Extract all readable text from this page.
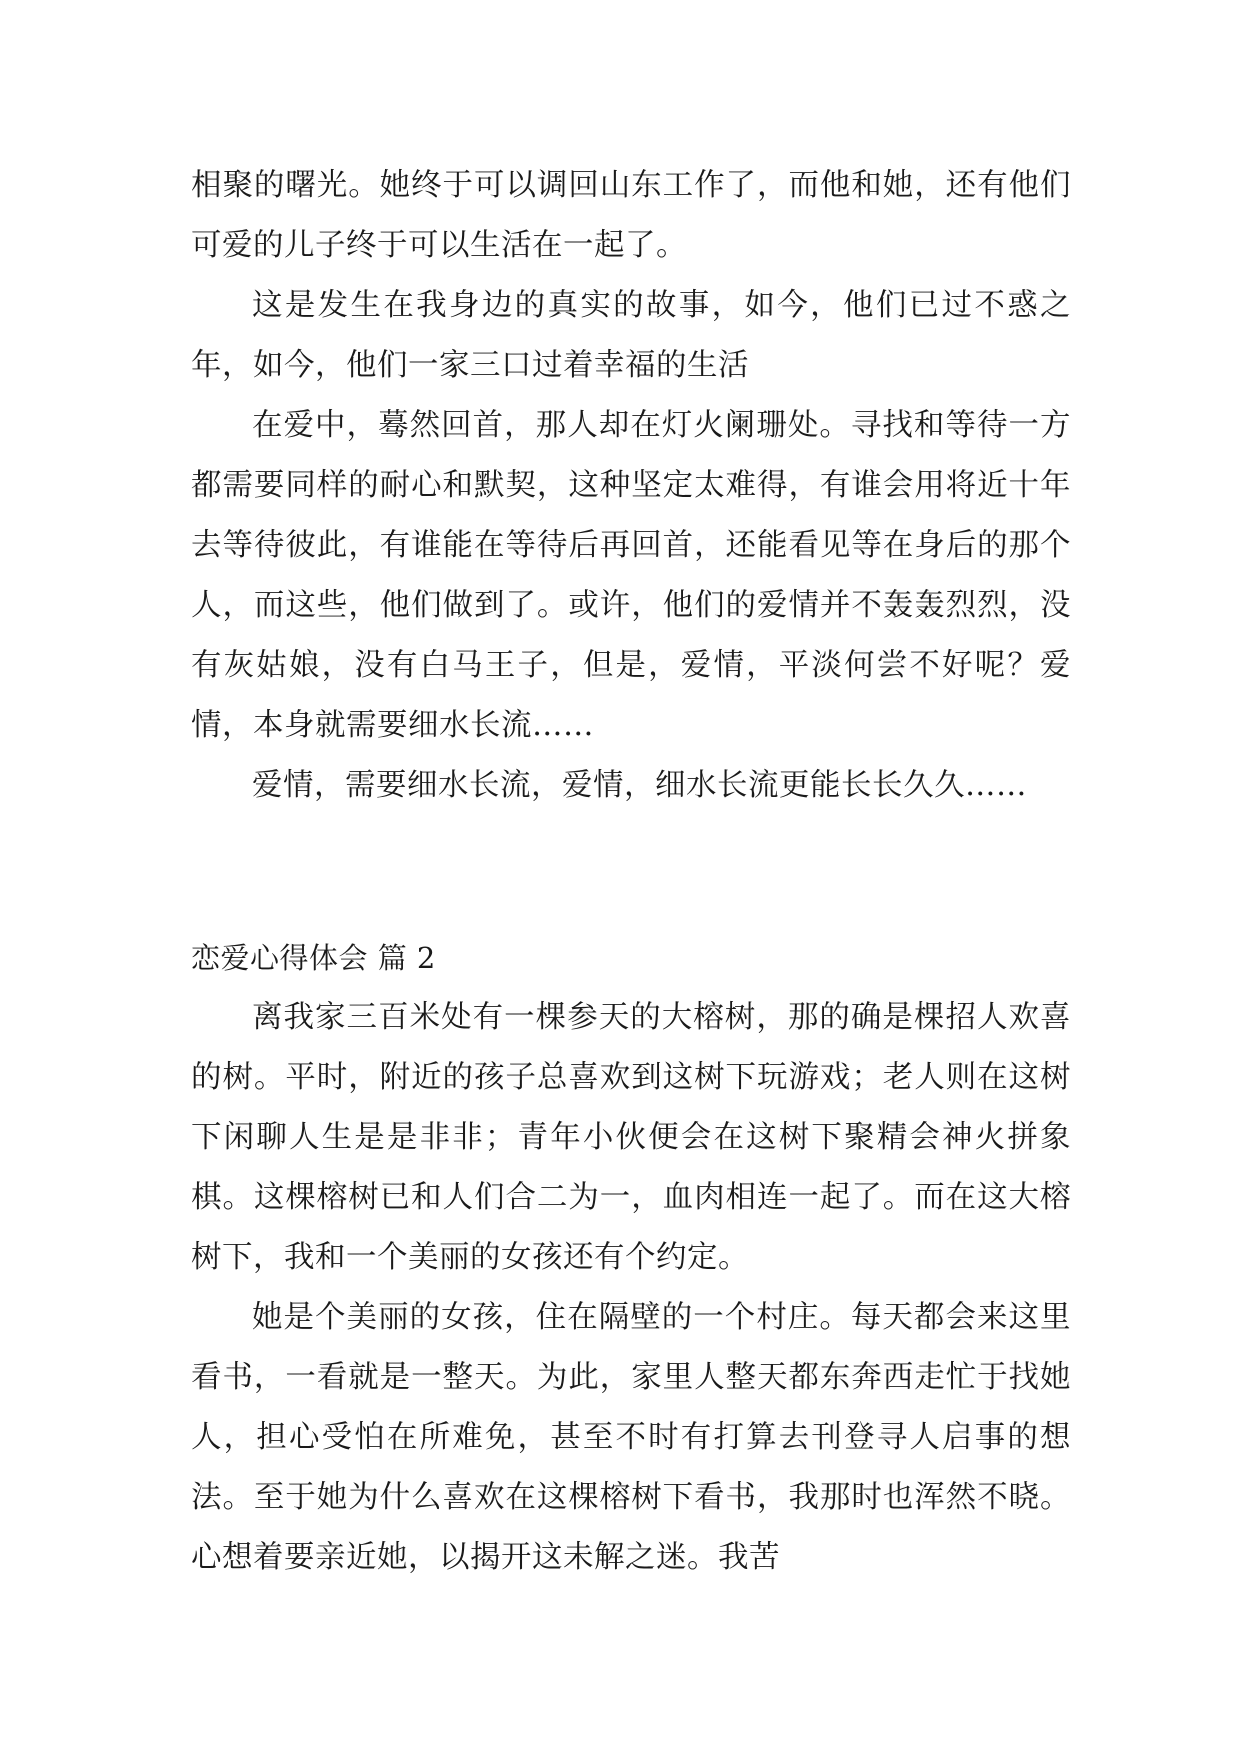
相聚的曙光。她终于可以调回山东工作了，而他和她，还有他们可爱的儿子终于可以生活在一起了。

这是发生在我身边的真实的故事，如今，他们已过不惑之年，如今，他们一家三口过着幸福的生活

在爱中，蓦然回首，那人却在灯火阑珊处。寻找和等待一方都需要同样的耐心和默契，这种坚定太难得，有谁会用将近十年去等待彼此，有谁能在等待后再回首，还能看见等在身后的那个人，而这些，他们做到了。或许，他们的爱情并不轰轰烈烈，没有灰姑娘，没有白马王子，但是，爱情，平淡何尝不好呢？爱情，本身就需要细水长流……

爱情，需要细水长流，爱情，细水长流更能长长久久……

恋爱心得体会 篇 2

离我家三百米处有一棵参天的大榕树，那的确是棵招人欢喜的树。平时，附近的孩子总喜欢到这树下玩游戏；老人则在这树下闲聊人生是是非非；青年小伙便会在这树下聚精会神火拼象棋。这棵榕树已和人们合二为一，血肉相连一起了。而在这大榕树下，我和一个美丽的女孩还有个约定。

她是个美丽的女孩，住在隔壁的一个村庄。每天都会来这里看书，一看就是一整天。为此，家里人整天都东奔西走忙于找她人，担心受怕在所难免，甚至不时有打算去刊登寻人启事的想法。至于她为什么喜欢在这棵榕树下看书，我那时也浑然不晓。心想着要亲近她，以揭开这未解之迷。我苦
